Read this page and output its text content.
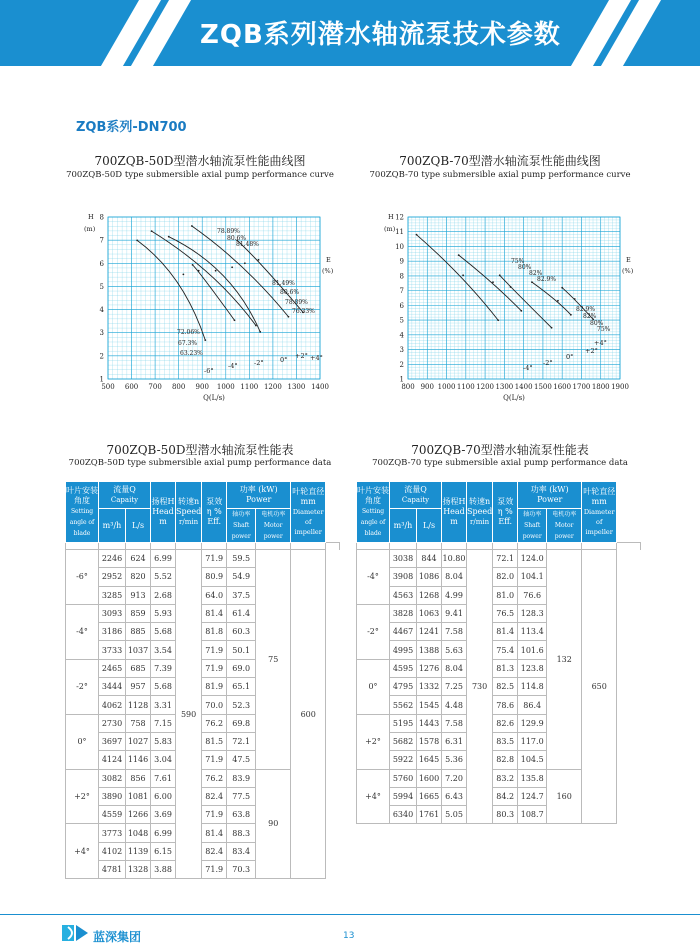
ZQB系列潜水轴流泵技术参数
ZQB系列-DN700
700ZQB-50D型潜水轴流泵性能曲线图
700ZQB-50D type submersible axial pump performance curve
700ZQB-70型潜水轴流泵性能曲线图
700ZQB-70 type submersible axial pump performance curve
500 600 700 800 900 1000 1100 1200 1300 1400
1
2
3
4
5
6
7
8
H
(m)
E
(%)
Q(L/s)
-6°
-4°	-2°	0° +2° +4°
78.89%
80.6%
81.48%
81.49%
80.6%
78.89%
76.33%
72.06%
67.3%
63.23%
800 900 1000 1100 1200 1300 1400 1500 1600 1700 1800 1900
1
2
3
4
5
6
7
8
9
10
11
12
H
(m)
E
(%)
Q(L/s)
-4°
-2°
0°
+2°
+4°
75%
80%
82%
82.9%
82.9%
82%
80%
75%
700ZQB-50D型潜水轴流泵性能表
700ZQB-50D type submersible axial pump performance data
700ZQB-70型潜水轴流泵性能表
700ZQB-70 type submersible axial pump performance data
叶片安装角度
Setting angle of blade	流量Q
Capaity		扬程H
Head
m	转速n
Speed
r/min	泵效
η %
Eff.	功率 (kW)
Power		叶轮直径
mm
Diameter of impeller	
	m³/h	L/s				轴功率
Shaft power	电机功率
Motor power		

-6°	2246	624	6.99	590	71.9	59.5	75	600	
	2952	820	5.52		80.9	54.9			
	3285	913	2.68		64.0	37.5			
-4°	3093	859	5.93		81.4	61.4			
	3186	885	5.68		81.8	60.3			
	3733	1037	3.54		71.9	50.1			
-2°	2465	685	7.39		71.9	69.0			
	3444	957	5.68		81.9	65.1			
	4062	1128	3.31		70.0	52.3			
0°	2730	758	7.15		76.2	69.8			
	3697	1027	5.83		81.5	72.1			
	4124	1146	3.04		71.9	47.5			
+2°	3082	856	7.61		76.2	83.9	90		
	3890	1081	6.00		82.4	77.5			
	4559	1266	3.69		71.9	63.8			
+4°	3773	1048	6.99		81.4	88.3			
	4102	1139	6.15		82.4	83.4			
	4781	1328	3.88		71.9	70.3			
叶片安装角度
Setting angle of blade	流量Q
Capaity		扬程H
Head
m	转速n
Speed
r/min	泵效
η %
Eff.	功率 (kW)
Power		叶轮直径
mm
Diameter of impeller	
	m³/h	L/s				轴功率
Shaft power	电机功率
Motor power		

-4°	3038	844	10.80	730	72.1	124.0	132	650	
	3908	1086	8.04		82.0	104.1			
	4563	1268	4.99		81.0	76.6			
-2°	3828	1063	9.41		76.5	128.3			
	4467	1241	7.58		81.4	113.4			
	4995	1388	5.63		75.4	101.6			
0°	4595	1276	8.04		81.3	123.8			
	4795	1332	7.25		82.5	114.8			
	5562	1545	4.48		78.6	86.4			
+2°	5195	1443	7.58		82.6	129.9			
	5682	1578	6.31		83.5	117.0			
	5922	1645	5.36		82.8	104.5			
+4°	5760	1600	7.20		83.2	135.8	160		
	5994	1665	6.43		84.2	124.7			
	6340	1761	5.05		80.3	108.7			
蓝深集团	13
